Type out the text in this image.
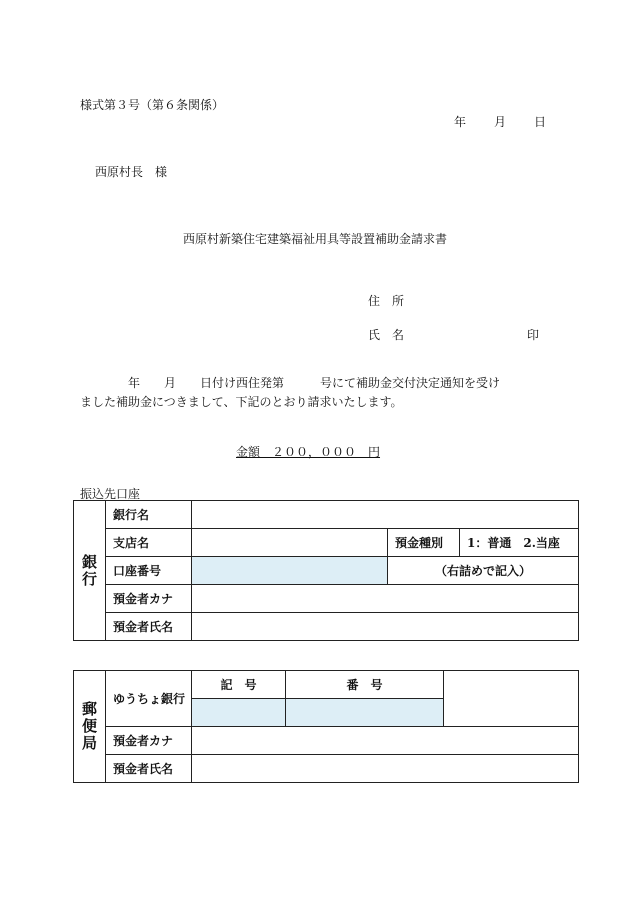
様式第３号（第６条関係）
年 月 日
西原村長　様
西原村新築住宅建築福祉用具等設置補助金請求書
住　所
氏　名	印
　　　　年　　月　　日付け西住発第　　　号にて補助金交付決定通知を受け
ました補助金につきまして、下記のとおり請求いたします。
金額　２００，０００　円
振込先口座
銀行	銀行名			
	支店名		預金種別	1：普通　2.当座
	口座番号		（右詰めで記入）	
	預金者カナ			
	預金者氏名			
郵便局	ゆうちょ銀行	記　号	番　号	

	預金者カナ			
	預金者氏名			
